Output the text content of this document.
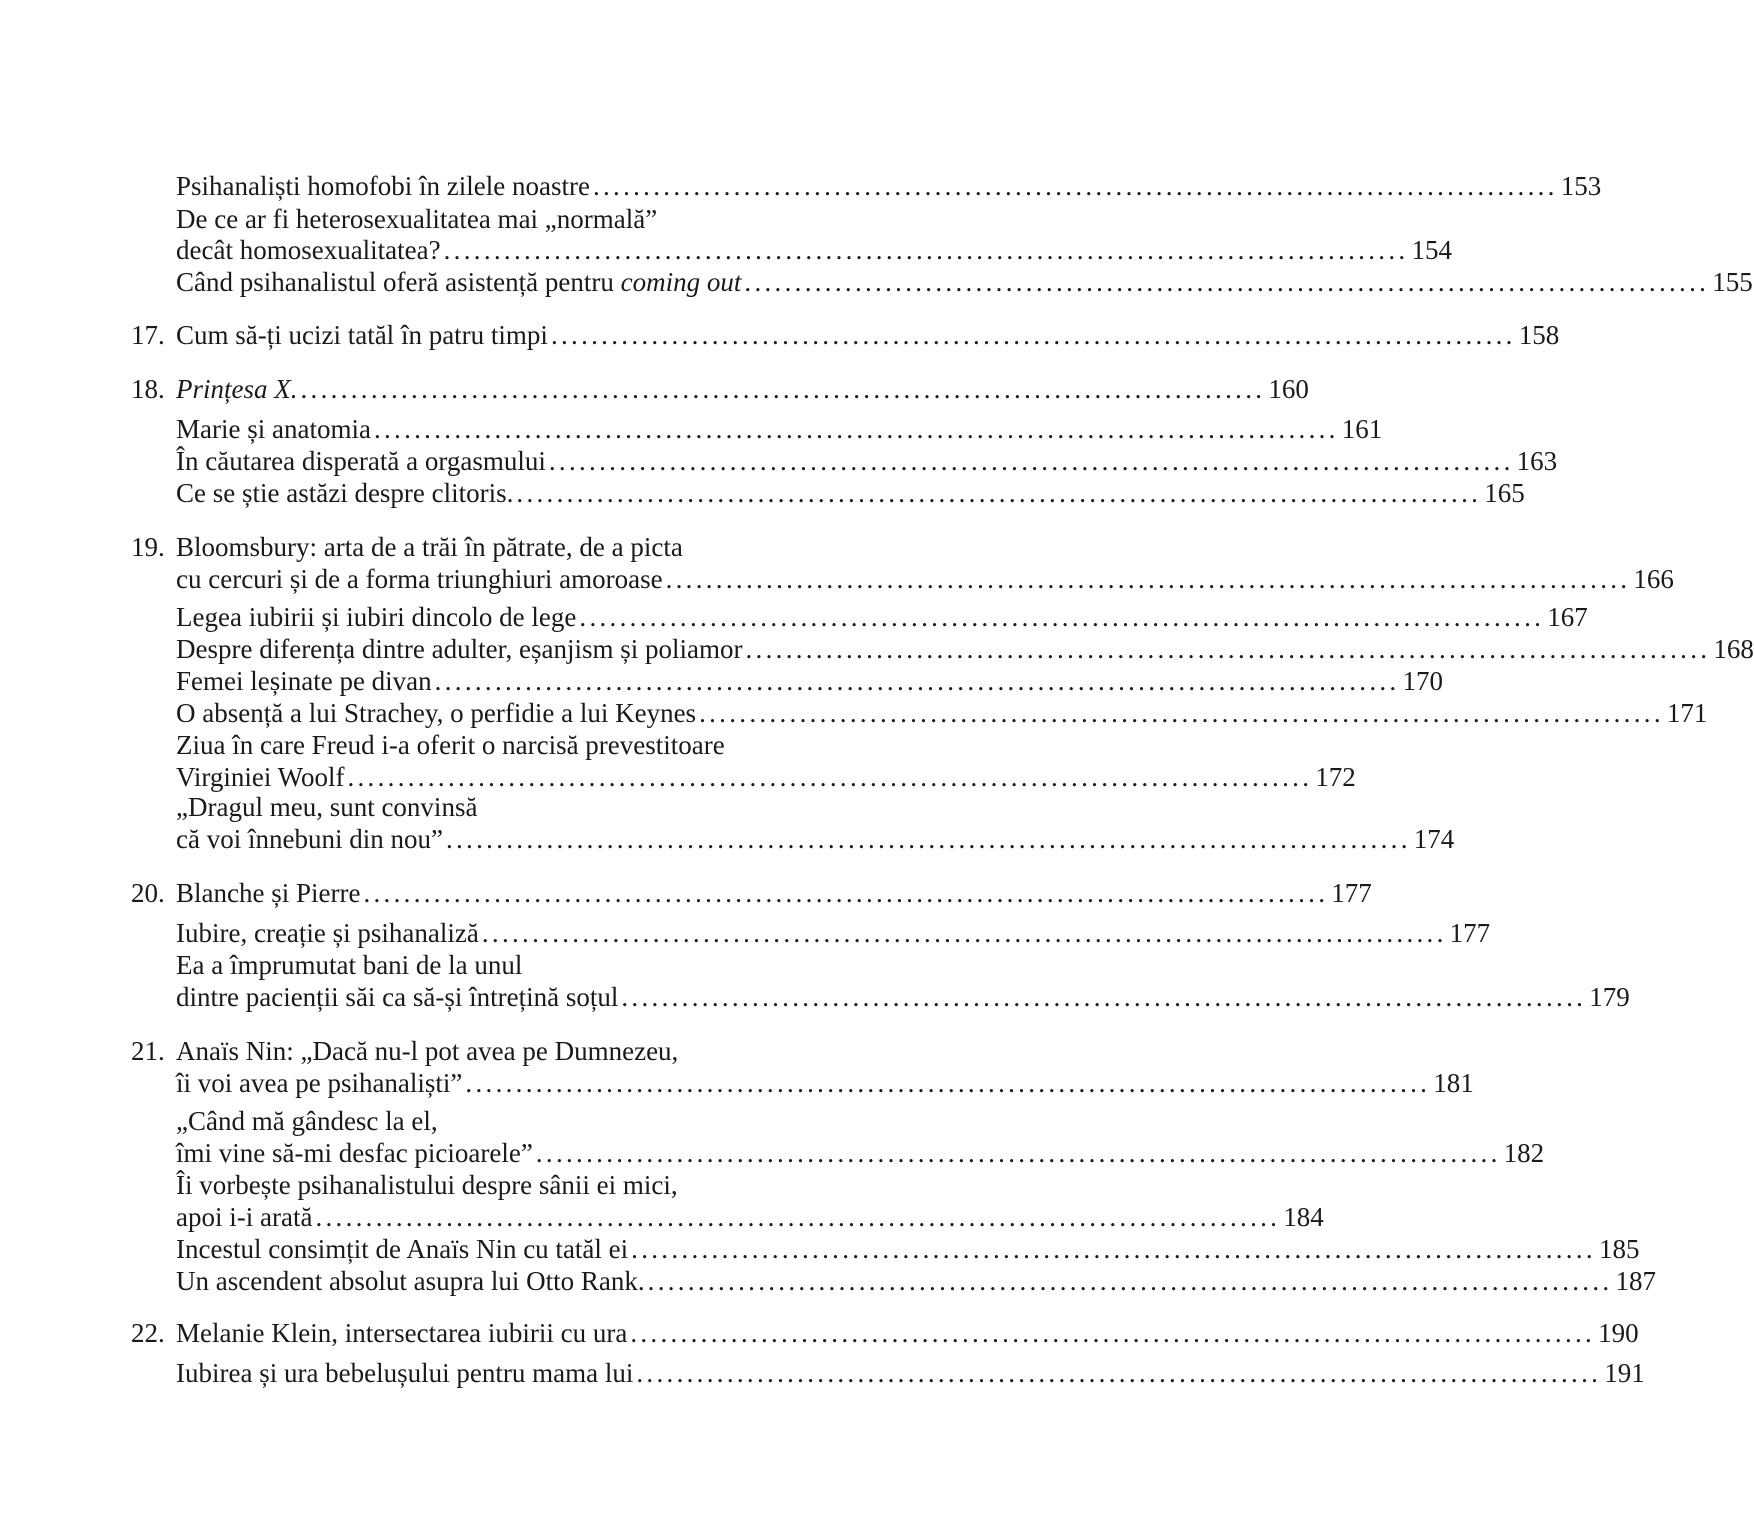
Psihanaliști homofobi în zilele noastre ................................................................................................ 153
De ce ar fi heterosexualitatea mai „normală”
decât homosexualitatea? ................................................................................................ 154
Când psihanalistul oferă asistență pentru coming out ................................................................................................ 155
17. Cum să-ți ucizi tatăl în patru timpi ................................................................................................ 158
18. Prințesa X. ................................................................................................ 160
Marie și anatomia ................................................................................................ 161
În căutarea disperată a orgasmului ................................................................................................ 163
Ce se știe astăzi despre clitoris. ................................................................................................ 165
19. Bloomsbury: arta de a trăi în pătrate, de a picta
cu cercuri și de a forma triunghiuri amoroase ................................................................................................ 166
Legea iubirii și iubiri dincolo de lege ................................................................................................ 167
Despre diferența dintre adulter, eșanjism și poliamor ................................................................................................ 168
Femei leșinate pe divan ................................................................................................ 170
O absență a lui Strachey, o perfidie a lui Keynes ................................................................................................ 171
Ziua în care Freud i-a oferit o narcisă prevestitoare
Virginiei Woolf ................................................................................................ 172
„Dragul meu, sunt convinsă
că voi înnebuni din nou” ................................................................................................ 174
20. Blanche și Pierre ................................................................................................ 177
Iubire, creație și psihanaliză ................................................................................................ 177
Ea a împrumutat bani de la unul
dintre pacienții săi ca să-și întrețină soțul ................................................................................................ 179
21. Anaïs Nin: „Dacă nu-l pot avea pe Dumnezeu,
îi voi avea pe psihanaliști” ................................................................................................ 181
„Când mă gândesc la el,
îmi vine să-mi desfac picioarele” ................................................................................................ 182
Îi vorbește psihanalistului despre sânii ei mici,
apoi i-i arată ................................................................................................ 184
Incestul consimțit de Anaïs Nin cu tatăl ei ................................................................................................ 185
Un ascendent absolut asupra lui Otto Rank. ................................................................................................ 187
22. Melanie Klein, intersectarea iubirii cu ura ................................................................................................ 190
Iubirea și ura bebelușului pentru mama lui ................................................................................................ 191
